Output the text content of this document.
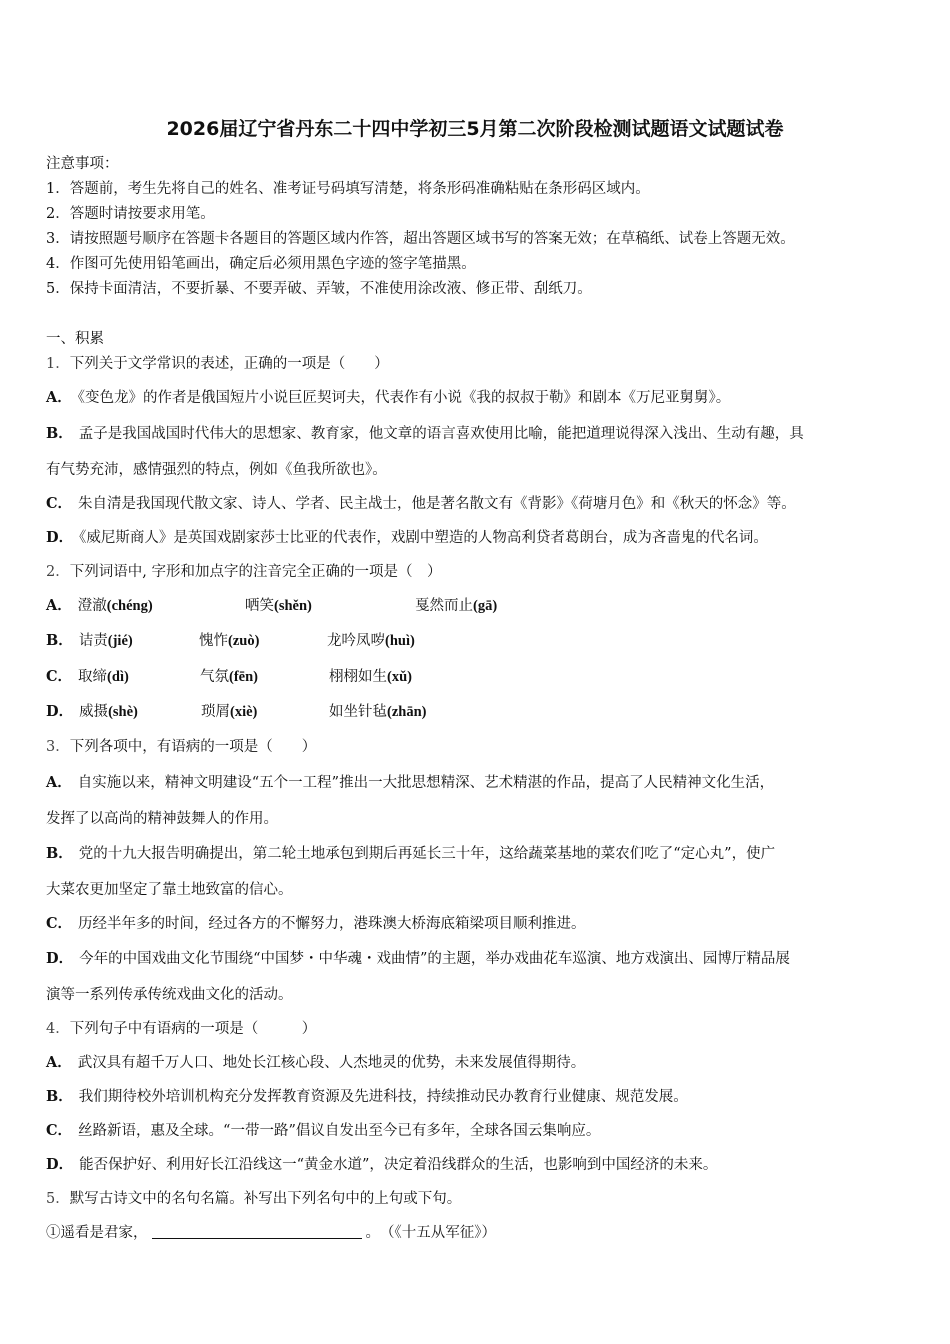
2026届辽宁省丹东二十四中学初三5月第二次阶段检测试题语文试题试卷
注意事项：
1．答题前，考生先将自己的姓名、准考证号码填写清楚，将条形码准确粘贴在条形码区域内。
2．答题时请按要求用笔。
3．请按照题号顺序在答题卡各题目的答题区域内作答，超出答题区域书写的答案无效；在草稿纸、试卷上答题无效。
4．作图可先使用铅笔画出，确定后必须用黑色字迹的签字笔描黑。
5．保持卡面清洁，不要折暴、不要弄破、弄皱，不准使用涂改液、修正带、刮纸刀。
一、积累
1．下列关于文学常识的表述，正确的一项是（　　）
A． 《变色龙》的作者是俄国短片小说巨匠契诃夫，代表作有小说《我的叔叔于勒》和剧本《万尼亚舅舅》。
B． 孟子是我国战国时代伟大的思想家、教育家，他文章的语言喜欢使用比喻，能把道理说得深入浅出、生动有趣，具
有气势充沛，感情强烈的特点，例如《鱼我所欲也》。
C． 朱自清是我国现代散文家、诗人、学者、民主战士，他是著名散文有《背影》《荷塘月色》和《秋天的怀念》等。
D． 《威尼斯商人》是英国戏剧家莎士比亚的代表作，戏剧中塑造的人物高利贷者葛朗台，成为吝啬鬼的代名词。
2．下列词语中, 字形和加点字的注音完全正确的一项是（　）
A． 澄澈(chéng)	哂笑(shěn)	戛然而止(gā)
B． 诘责(jié)	愧怍(zuò)	龙吟凤哕(huì)
C． 取缔(dì)	气氛(fēn)	栩栩如生(xǔ)
D． 威摄(shè)	琐屑(xiè)	如坐针毡(zhān)
3．下列各项中，有语病的一项是（　　）
A． 自实施以来，精神文明建设“五个一工程”推出一大批思想精深、艺术精湛的作品，提高了人民精神文化生活，
发挥了以高尚的精神鼓舞人的作用。
B． 党的十九大报告明确提出，第二轮土地承包到期后再延长三十年，这给蔬菜基地的菜农们吃了“定心丸”，使广
大菜农更加坚定了靠土地致富的信心。
C． 历经半年多的时间，经过各方的不懈努力，港珠澳大桥海底箱梁项目顺利推进。
D． 今年的中国戏曲文化节围绕“中国梦・中华魂・戏曲情”的主题，举办戏曲花车巡演、地方戏演出、园博厅精品展
演等一系列传承传统戏曲文化的活动。
4．下列句子中有语病的一项是（　　　）
A． 武汉具有超千万人口、地处长江核心段、人杰地灵的优势，未来发展值得期待。
B． 我们期待校外培训机构充分发挥教育资源及先进科技，持续推动民办教育行业健康、规范发展。
C． 丝路新语，惠及全球。“一带一路”倡议自发出至今已有多年，全球各国云集响应。
D． 能否保护好、利用好长江沿线这一“黄金水道”，决定着沿线群众的生活，也影响到中国经济的未来。
5．默写古诗文中的名句名篇。补写出下列名句中的上句或下句。
①遥看是君家，	。　（《十五从军征》）
